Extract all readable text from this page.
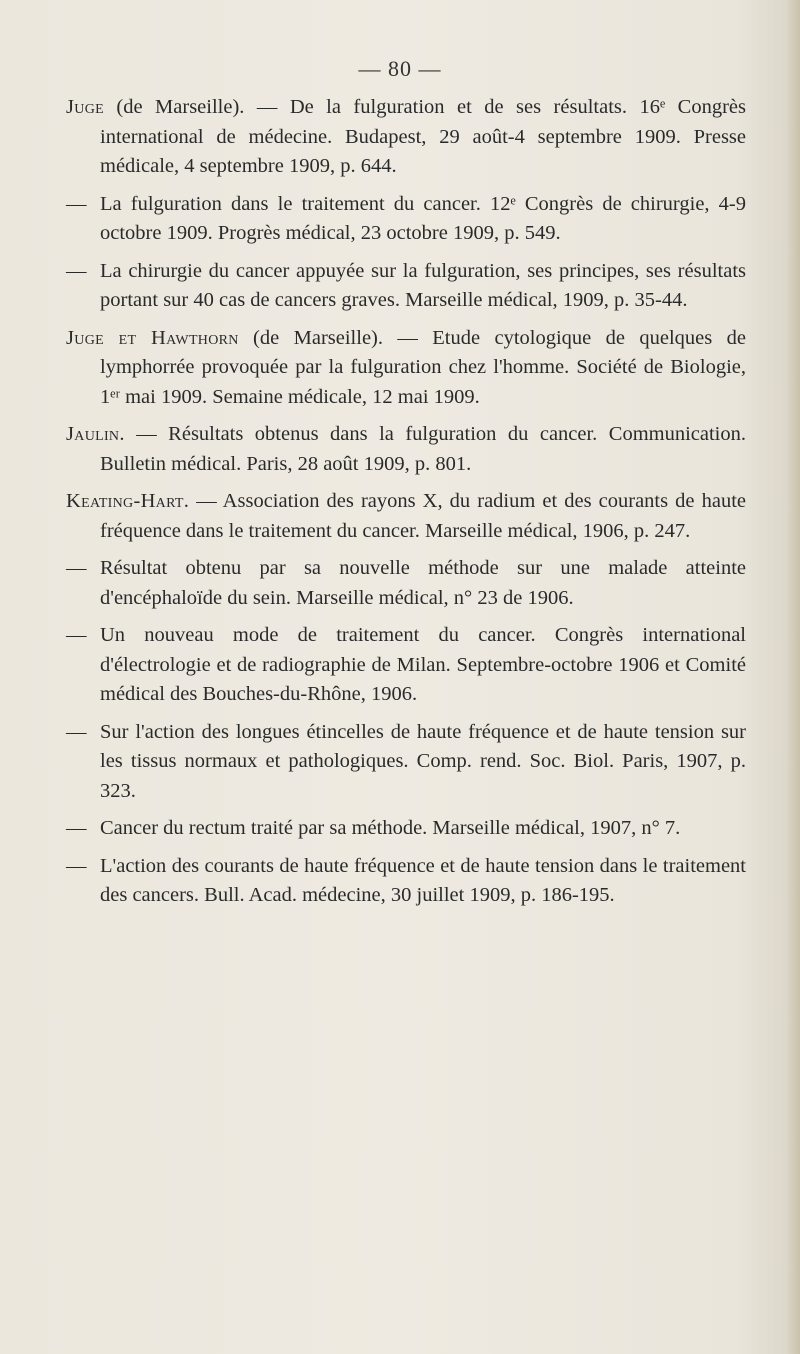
— 80 —

Juge (de Marseille). — De la fulguration et de ses résultats. 16ᵉ Congrès international de médecine. Budapest, 29 août-4 septembre 1909. Presse médicale, 4 septembre 1909, p. 644.

— La fulguration dans le traitement du cancer. 12ᵉ Congrès de chirurgie, 4-9 octobre 1909. Progrès médical, 23 octobre 1909, p. 549.

— La chirurgie du cancer appuyée sur la fulguration, ses principes, ses résultats portant sur 40 cas de cancers graves. Marseille médical, 1909, p. 35-44.

Juge et Hawthorn (de Marseille). — Etude cytologique de quelques de lymphorrée provoquée par la fulguration chez l'homme. Société de Biologie, 1ᵉʳ mai 1909. Semaine médicale, 12 mai 1909.

Jaulin. — Résultats obtenus dans la fulguration du cancer. Communication. Bulletin médical. Paris, 28 août 1909, p. 801.

Keating-Hart. — Association des rayons X, du radium et des courants de haute fréquence dans le traitement du cancer. Marseille médical, 1906, p. 247.

— Résultat obtenu par sa nouvelle méthode sur une malade atteinte d'encéphaloïde du sein. Marseille médical, n° 23 de 1906.

— Un nouveau mode de traitement du cancer. Congrès international d'électrologie et de radiographie de Milan. Septembre-octobre 1906 et Comité médical des Bouches-du-Rhône, 1906.

— Sur l'action des longues étincelles de haute fréquence et de haute tension sur les tissus normaux et pathologiques. Comp. rend. Soc. Biol. Paris, 1907, p. 323.

— Cancer du rectum traité par sa méthode. Marseille médical, 1907, n° 7.

— L'action des courants de haute fréquence et de haute tension dans le traitement des cancers. Bull. Acad. médecine, 30 juillet 1909, p. 186-195.
